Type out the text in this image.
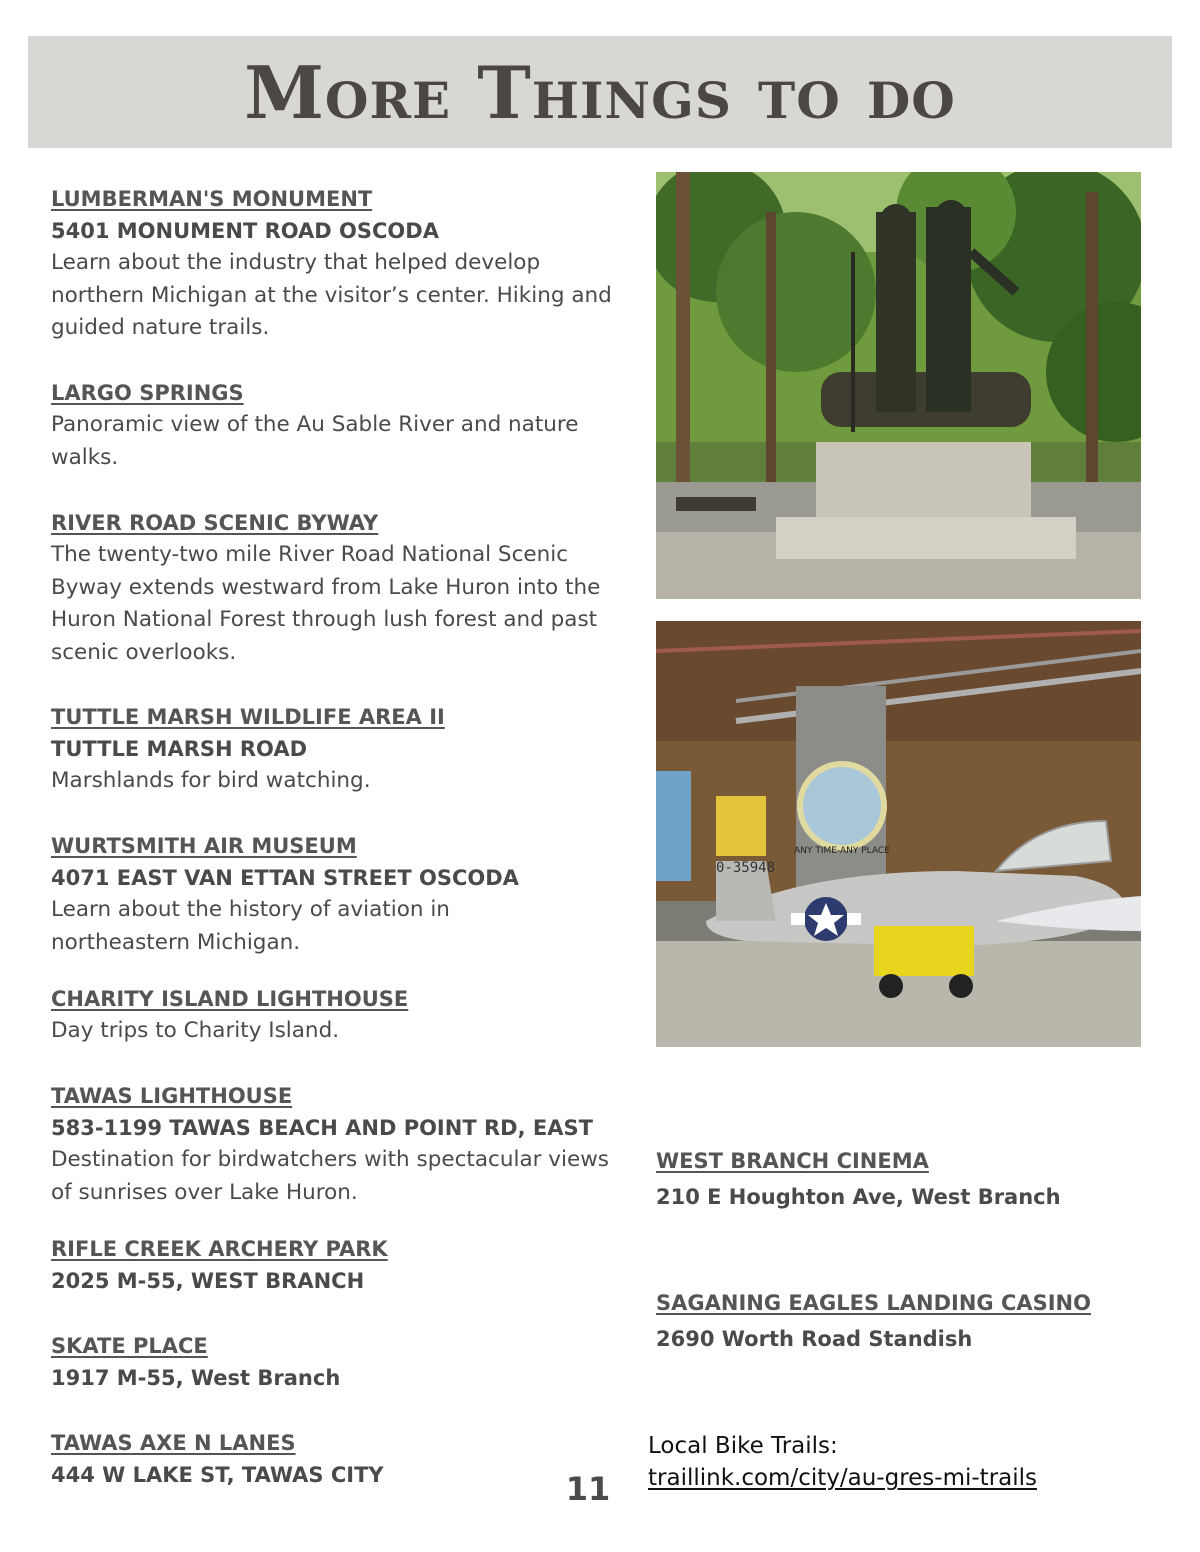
More Things to do
LUMBERMAN'S MONUMENT
5401 MONUMENT ROAD OSCODA
Learn about the industry that helped develop northern Michigan at the visitor’s center. Hiking and guided nature trails.
LARGO SPRINGS
Panoramic view of the Au Sable River and nature walks.
RIVER ROAD SCENIC BYWAY
The twenty-two mile River Road National Scenic Byway extends westward from Lake Huron into the Huron National Forest through lush forest and past scenic overlooks.
TUTTLE MARSH WILDLIFE AREA II
TUTTLE MARSH ROAD
Marshlands for bird watching.
WURTSMITH AIR MUSEUM
4071 EAST VAN ETTAN STREET OSCODA
Learn about the history of aviation in northeastern Michigan.
CHARITY ISLAND LIGHTHOUSE
Day trips to Charity Island.
TAWAS LIGHTHOUSE
583-1199 TAWAS BEACH AND POINT RD, EAST
Destination for birdwatchers with spectacular views of sunrises over Lake Huron.
RIFLE CREEK ARCHERY PARK
2025 M-55, WEST BRANCH
SKATE PLACE
1917 M-55, West Branch
TAWAS AXE N LANES
444 W LAKE ST, TAWAS CITY
ANY TIME-ANY PLACE
0-35948
WEST BRANCH CINEMA
210 E Houghton Ave, West Branch
SAGANING EAGLES LANDING CASINO
2690 Worth Road Standish
Local Bike Trails:
traillink.com/city/au-gres-mi-trails
11
